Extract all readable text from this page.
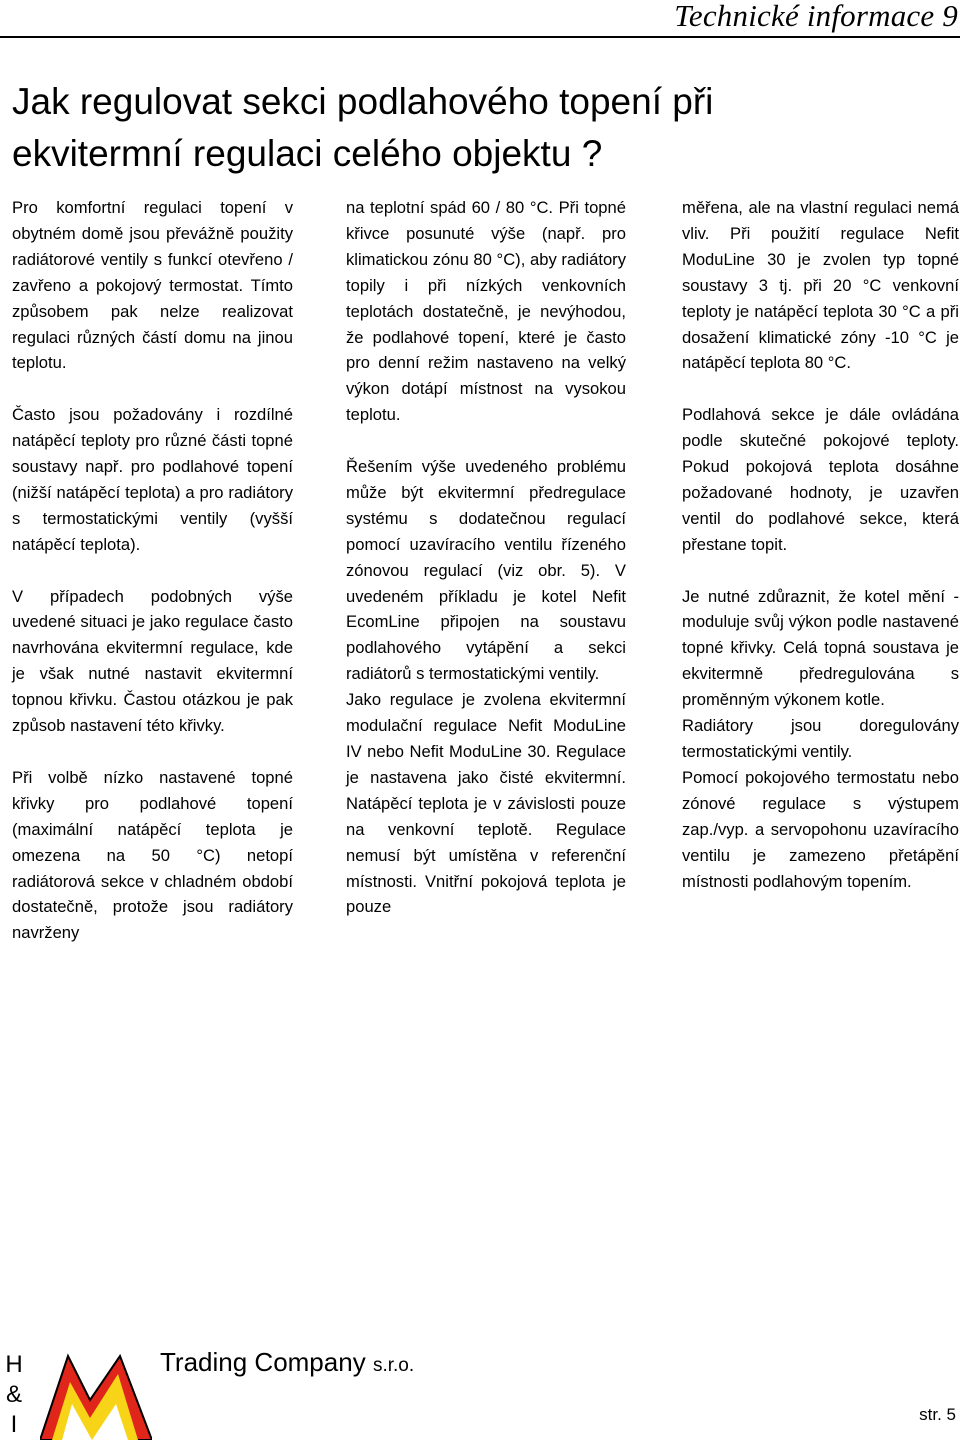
Technické informace 9
Jak regulovat sekci podlahového topení při
ekvitermní regulaci celého objektu ?

Pro komfortní regulaci topení v obytném domě jsou převážně použity radiátorové ventily s funkcí otevřeno / zavřeno a pokojový termostat. Tímto způsobem pak nelze realizovat regulaci různých částí domu na jinou teplotu.

Často jsou požadovány i rozdílné natápěcí teploty pro různé části topné soustavy např. pro podlahové topení (nižší natápěcí teplota) a pro radiátory s termostatickými ventily (vyšší natápěcí teplota).

V případech podobných výše uvedené situaci je jako regulace často navrhována ekvitermní regulace, kde je však nutné nastavit ekvitermní topnou křivku. Častou otázkou je pak způsob nastavení této křivky.

Při volbě nízko nastavené topné křivky pro podlahové topení (maximální natápěcí teplota je omezena na 50 °C) netopí radiátorová sekce v chladném období dostatečně, protože jsou radiátory navrženy

na teplotní spád 60 / 80 °C. Při topné křivce posunuté výše (např. pro klimatickou zónu 80 °C), aby radiátory topily i při nízkých venkovních teplotách dostatečně, je nevýhodou, že podlahové topení, které je často pro denní režim nastaveno na velký výkon dotápí místnost na vysokou teplotu.

Řešením výše uvedeného problému může být ekvitermní předregulace systému s dodatečnou regulací pomocí uzavíracího ventilu řízeného zónovou regulací (viz obr. 5). V uvedeném příkladu je kotel Nefit EcomLine připojen na soustavu podlahového vytápění a sekci radiátorů s termostatickými ventily.

Jako regulace je zvolena ekvitermní modulační regulace Nefit ModuLine IV nebo Nefit ModuLine 30. Regulace je nastavena jako čisté ekvitermní. Natápěcí teplota je v závislosti pouze na venkovní teplotě. Regulace nemusí být umístěna v referenční místnosti. Vnitřní pokojová teplota je pouze

měřena, ale na vlastní regulaci nemá vliv. Při použití regulace Nefit ModuLine 30 je zvolen typ topné soustavy 3 tj. při 20 °C venkovní teploty je natápěcí teplota 30 °C a při dosažení klimatické zóny -10 °C je natápěcí teplota 80 °C.

Podlahová sekce je dále ovládána podle skutečné pokojové teploty. Pokud pokojová teplota dosáhne požadované hodnoty, je uzavřen ventil do podlahové sekce, která přestane topit.

Je nutné zdůraznit, že kotel mění - moduluje svůj výkon podle nastavené topné křivky. Celá topná soustava je ekvitermně předregulována s proměnným výkonem kotle.

Radiátory jsou doregulovány termostatickými ventily.

Pomocí pokojového termostatu nebo zónové regulace s výstupem zap./vyp. a servopohonu uzavíracího ventilu je zamezeno přetápění místnosti podlahovým topením.

H
&
I
Trading Company s.r.o.
str. 5
